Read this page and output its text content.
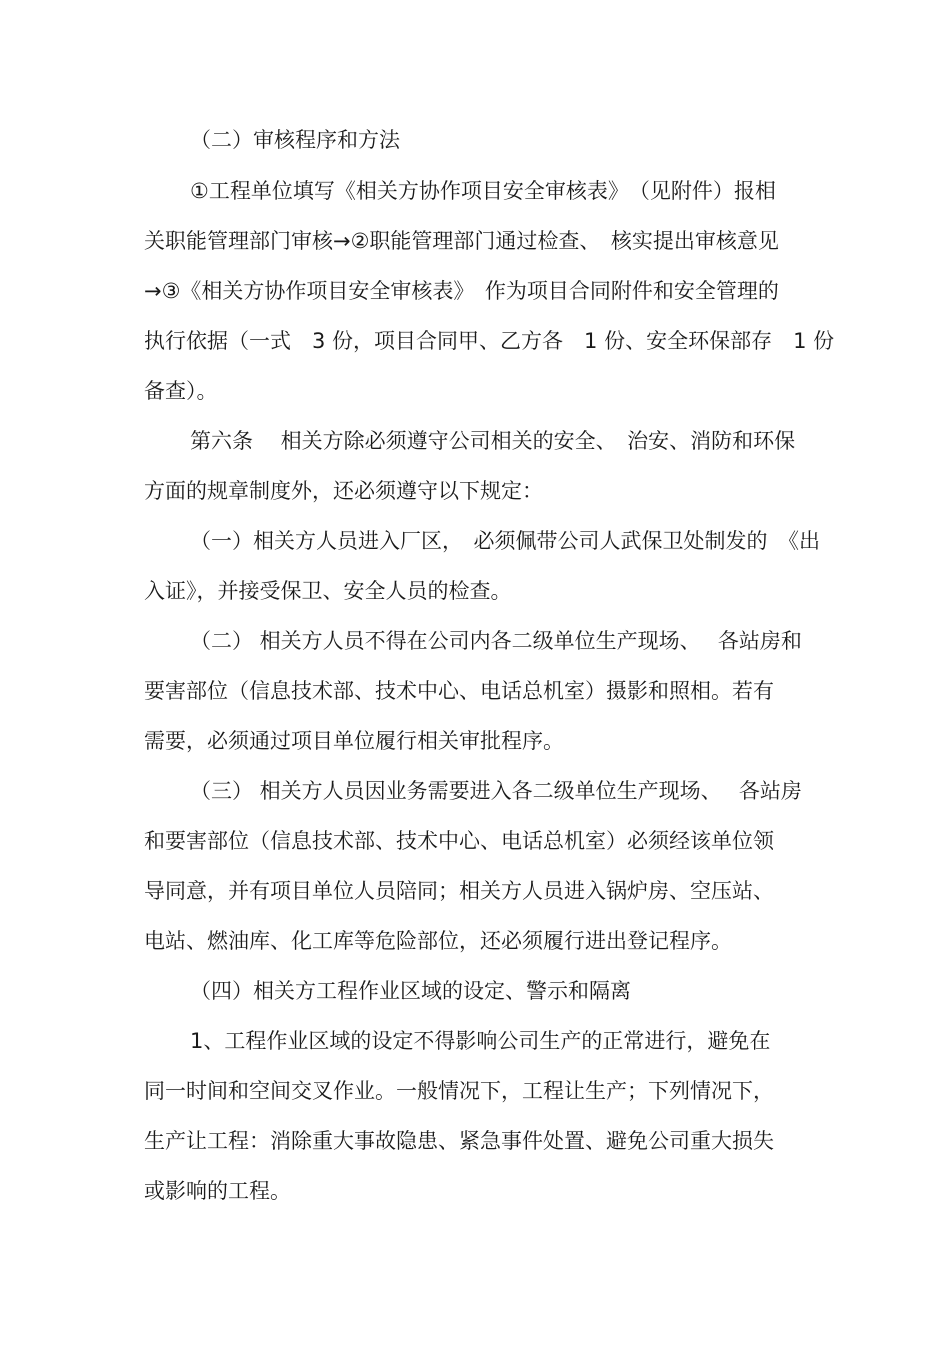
（二）审核程序和方法
①工程单位填写《相关方协作项目安全审核表》　（见附件）报相
关职能管理部门审核→②职能管理部门通过检查、　核实提出审核意见
→③《相关方协作项目安全审核表》　作为项目合同附件和安全管理的
执行依据（一式　3 份，项目合同甲、乙方各　1 份、安全环保部存　1 份
备查）。
第六条　 相关方除必须遵守公司相关的安全、　治安、消防和环保
方面的规章制度外，还必须遵守以下规定：
（一）相关方人员进入厂区，　必须佩带公司人武保卫处制发的　《出
入证》，并接受保卫、安全人员的检查。
（二） 相关方人员不得在公司内各二级单位生产现场、　 各站房和
要害部位（信息技术部、技术中心、电话总机室）摄影和照相。若有
需要，必须通过项目单位履行相关审批程序。
（三） 相关方人员因业务需要进入各二级单位生产现场、　 各站房
和要害部位（信息技术部、技术中心、电话总机室）必须经该单位领
导同意，并有项目单位人员陪同；相关方人员进入锅炉房、空压站、
电站、燃油库、化工库等危险部位，还必须履行进出登记程序。
（四）相关方工程作业区域的设定、警示和隔离
1、工程作业区域的设定不得影响公司生产的正常进行，避免在
同一时间和空间交叉作业。一般情况下，工程让生产；下列情况下，
生产让工程：消除重大事故隐患、紧急事件处置、避免公司重大损失
或影响的工程。
